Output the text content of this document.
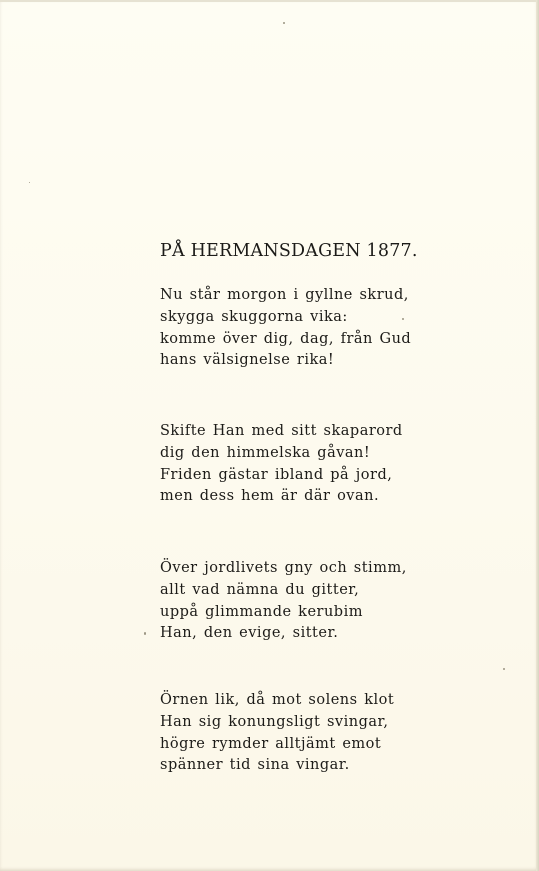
PÅ HERMANSDAGEN 1877.
Nu står morgon i gyllne skrud,
skygga skuggorna vika:
komme över dig, dag, från Gud
hans välsignelse rika!
Skifte Han med sitt skaparord
dig den himmelska gåvan!
Friden gästar ibland på jord,
men dess hem är där ovan.
Över jordlivets gny och stimm,
allt vad nämna du gitter,
uppå glimmande kerubim
Han, den evige, sitter.
Örnen lik, då mot solens klot
Han sig konungsligt svingar,
högre rymder alltjämt emot
spänner tid sina vingar.
